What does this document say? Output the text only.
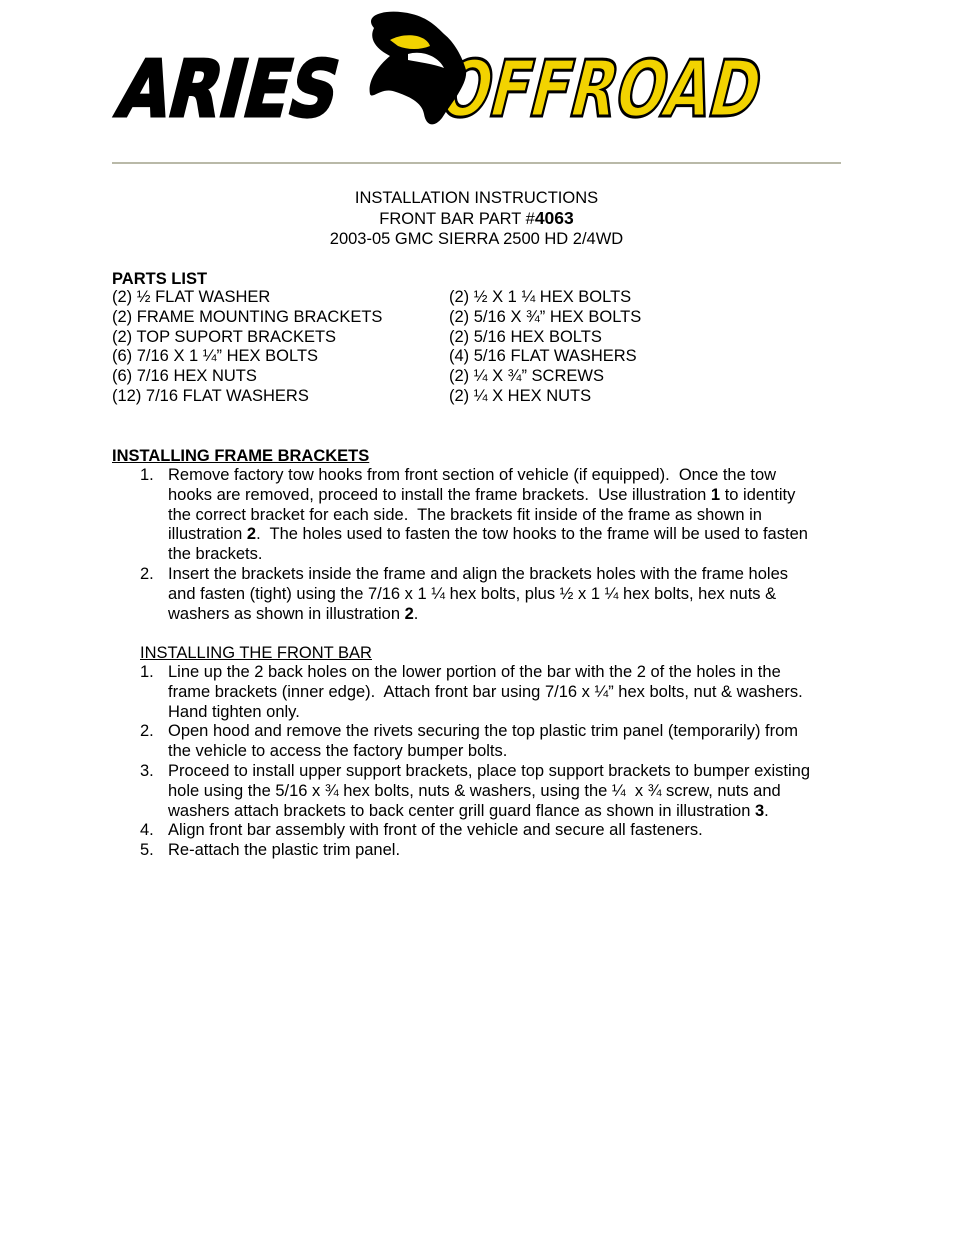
ARIES OFFROAD
INSTALLATION INSTRUCTIONS
FRONT BAR PART #4063
2003-05 GMC SIERRA 2500 HD 2/4WD
PARTS LIST
(2) ½ FLAT WASHER
(2) FRAME MOUNTING BRACKETS
(2) TOP SUPORT BRACKETS
(6) 7/16 X 1 ¼” HEX BOLTS
(6) 7/16 HEX NUTS
(12) 7/16 FLAT WASHERS
(2) ½ X 1 ¼ HEX BOLTS
(2) 5/16 X ¾” HEX BOLTS
(2) 5/16 HEX BOLTS
(4) 5/16 FLAT WASHERS
(2) ¼ X ¾” SCREWS
(2) ¼ X HEX NUTS
INSTALLING FRAME BRACKETS
1. Remove factory tow hooks from front section of vehicle (if equipped).  Once the tow
hooks are removed, proceed to install the frame brackets.  Use illustration 1 to identity
the correct bracket for each side.  The brackets fit inside of the frame as shown in
illustration 2.  The holes used to fasten the tow hooks to the frame will be used to fasten
the brackets.
2. Insert the brackets inside the frame and align the brackets holes with the frame holes
and fasten (tight) using the 7/16 x 1 ¼ hex bolts, plus ½ x 1 ¼ hex bolts, hex nuts &
washers as shown in illustration 2.
INSTALLING THE FRONT BAR
1. Line up the 2 back holes on the lower portion of the bar with the 2 of the holes in the
frame brackets (inner edge).  Attach front bar using 7/16 x ¼” hex bolts, nut & washers.
Hand tighten only.
2. Open hood and remove the rivets securing the top plastic trim panel (temporarily) from
the vehicle to access the factory bumper bolts.
3. Proceed to install upper support brackets, place top support brackets to bumper existing
hole using the 5/16 x ¾ hex bolts, nuts & washers, using the ¼  x ¾ screw, nuts and
washers attach brackets to back center grill guard flance as shown in illustration 3.
4. Align front bar assembly with front of the vehicle and secure all fasteners.
5. Re-attach the plastic trim panel.
